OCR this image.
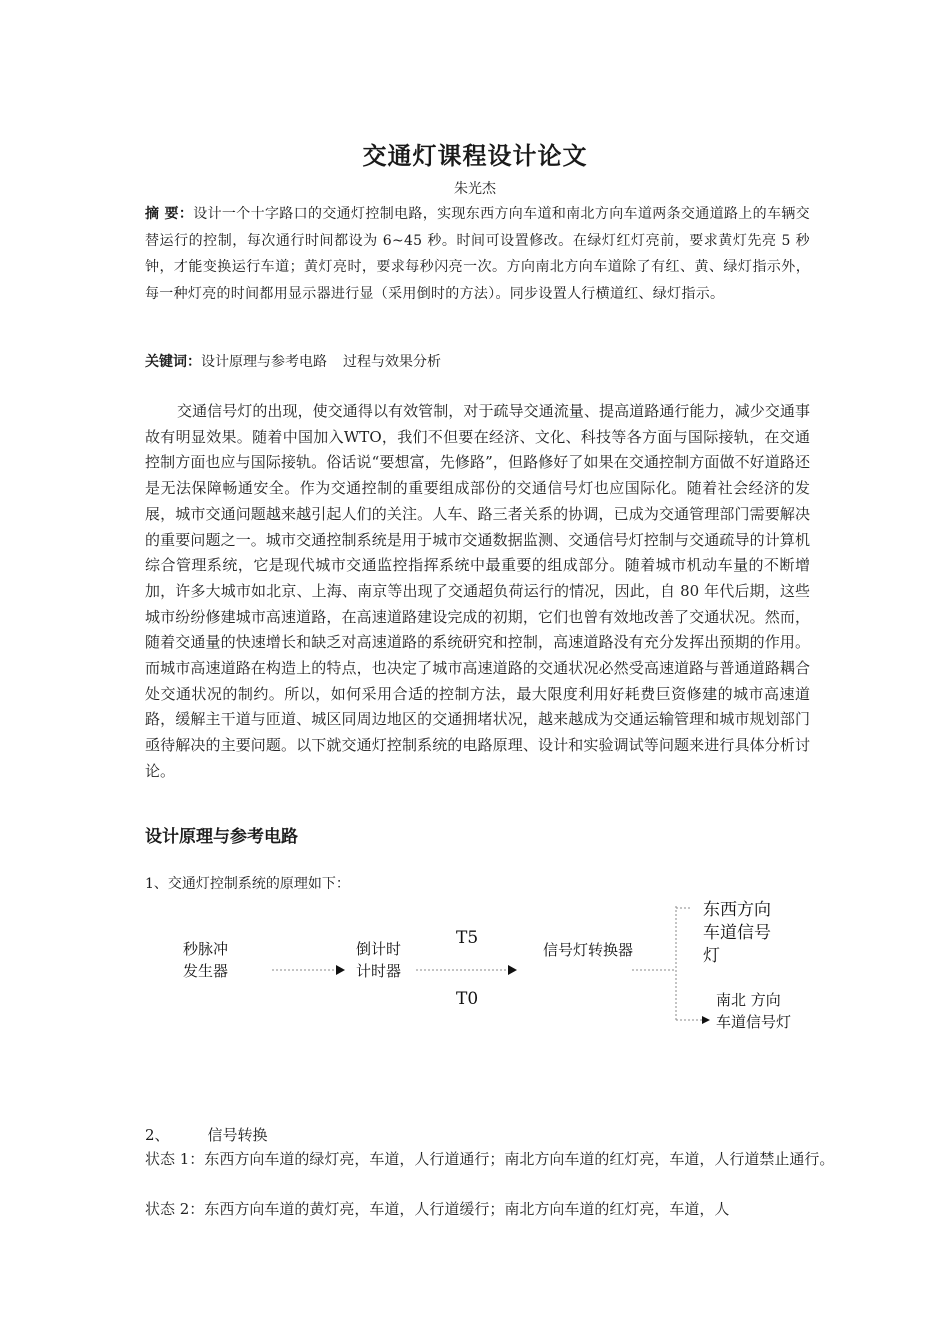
交通灯课程设计论文
朱光杰
摘 要：设计一个十字路口的交通灯控制电路，实现东西方向车道和南北方向车道两条交通道路上的车辆交替运行的控制，每次通行时间都设为 6~45 秒。时间可设置修改。在绿灯红灯亮前，要求黄灯先亮 5 秒钟，才能变换运行车道；黄灯亮时，要求每秒闪亮一次。方向南北方向车道除了有红、黄、绿灯指示外，每一种灯亮的时间都用显示器进行显（采用倒时的方法）。同步设置人行横道红、绿灯指示。
关键词：设计原理与参考电路 过程与效果分析
交通信号灯的出现，使交通得以有效管制，对于疏导交通流量、提高道路通行能力，减少交通事故有明显效果。随着中国加入WTO，我们不但要在经济、文化、科技等各方面与国际接轨，在交通控制方面也应与国际接轨。俗话说“要想富，先修路”，但路修好了如果在交通控制方面做不好道路还是无法保障畅通安全。作为交通控制的重要组成部份的交通信号灯也应国际化。随着社会经济的发展，城市交通问题越来越引起人们的关注。人车、路三者关系的协调，已成为交通管理部门需要解决的重要问题之一。城市交通控制系统是用于城市交通数据监测、交通信号灯控制与交通疏导的计算机综合管理系统，它是现代城市交通监控指挥系统中最重要的组成部分。随着城市机动车量的不断增加，许多大城市如北京、上海、南京等出现了交通超负荷运行的情况，因此，自 80 年代后期，这些城市纷纷修建城市高速道路，在高速道路建设完成的初期，它们也曾有效地改善了交通状况。然而，随着交通量的快速增长和缺乏对高速道路的系统研究和控制，高速道路没有充分发挥出预期的作用。而城市高速道路在构造上的特点，也决定了城市高速道路的交通状况必然受高速道路与普通道路耦合处交通状况的制约。所以，如何采用合适的控制方法，最大限度利用好耗费巨资修建的城市高速道路，缓解主干道与匝道、城区同周边地区的交通拥堵状况，越来越成为交通运输管理和城市规划部门亟待解决的主要问题。以下就交通灯控制系统的电路原理、设计和实验调试等问题来进行具体分析讨论。
设计原理与参考电路
1、交通灯控制系统的原理如下：
秒脉冲
发生器
倒计时
计时器
T5
T0
信号灯转换器
东西方向
车道信号
灯
南北 方向
车道信号灯
2、	信号转换
状态 1：东西方向车道的绿灯亮，车道，人行道通行；南北方向车道的红灯亮，车道，人行道禁止通行。
状态 2：东西方向车道的黄灯亮，车道，人行道缓行；南北方向车道的红灯亮，车道，人
